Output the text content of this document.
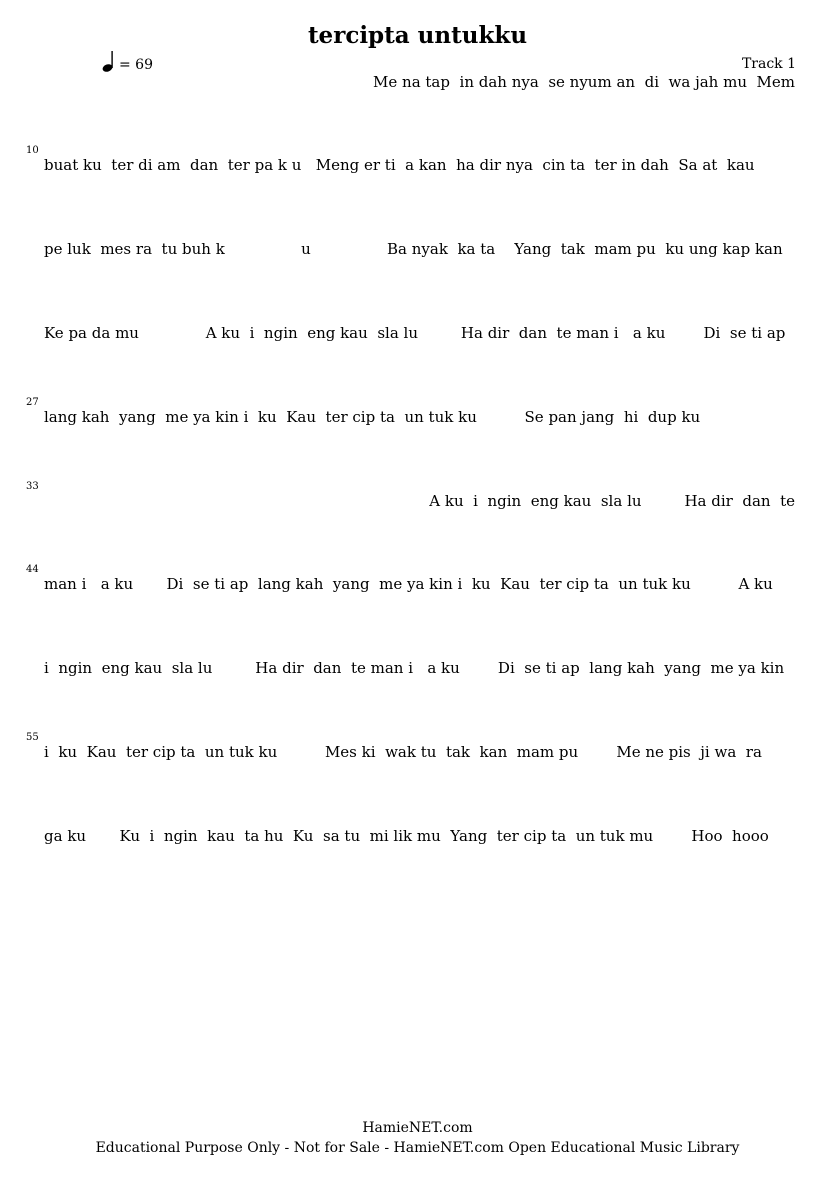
tercipta untukku
= 69	Track 1
Me na tap  in dah nya  se nyum an  di  wa jah mu  Mem
10
buat ku  ter di am  dan  ter pa k u   Meng er ti  a kan  ha dir nya  cin ta  ter in dah  Sa at  kau
pe luk  mes ra  tu buh k                u                Ba nyak  ka ta    Yang  tak  mam pu  ku ung kap kan
Ke pa da mu              A ku  i  ngin  eng kau  sla lu         Ha dir  dan  te man i   a ku        Di  se ti ap
27
lang kah  yang  me ya kin i  ku  Kau  ter cip ta  un tuk ku          Se pan jang  hi  dup ku
33
A ku  i  ngin  eng kau  sla lu         Ha dir  dan  te
44
man i   a ku       Di  se ti ap  lang kah  yang  me ya kin i  ku  Kau  ter cip ta  un tuk ku          A ku
i  ngin  eng kau  sla lu         Ha dir  dan  te man i   a ku        Di  se ti ap  lang kah  yang  me ya kin
55
i  ku  Kau  ter cip ta  un tuk ku          Mes ki  wak tu  tak  kan  mam pu        Me ne pis  ji wa  ra
ga ku       Ku  i  ngin  kau  ta hu  Ku  sa tu  mi lik mu  Yang  ter cip ta  un tuk mu        Hoo  hooo
HamieNET.com
Educational Purpose Only - Not for Sale - HamieNET.com Open Educational Music Library
